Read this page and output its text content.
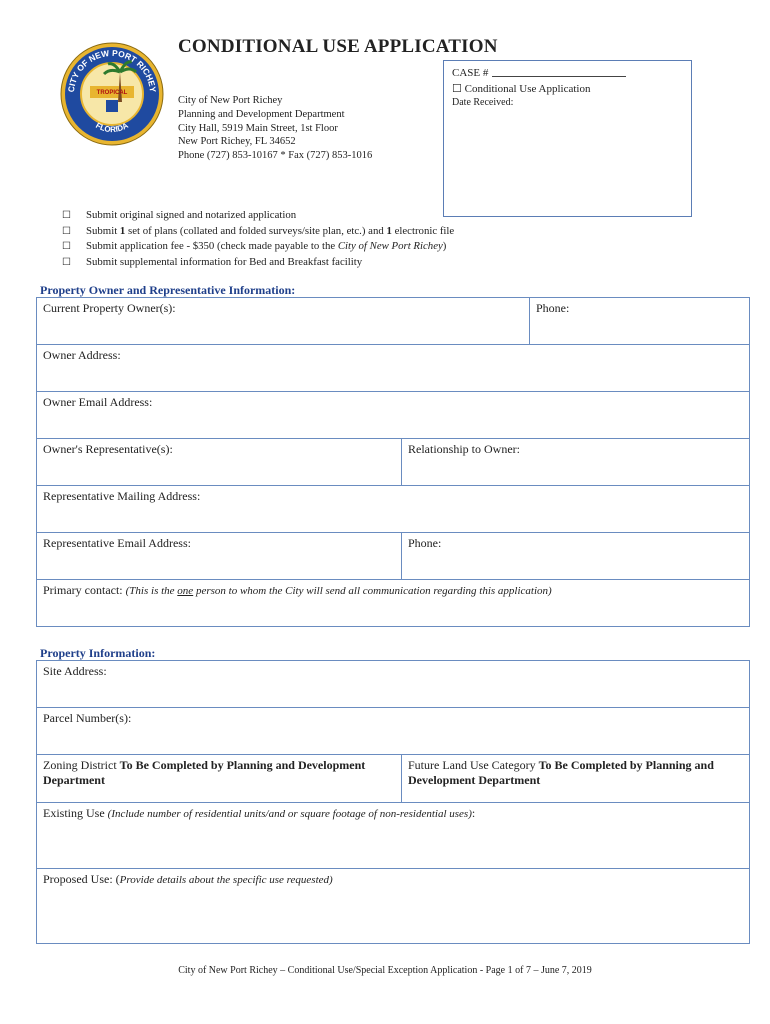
TROPICAL
CITY OF NEW PORT RICHEY
FLORIDA
CONDITIONAL USE APPLICATION
City of New Port Richey
Planning and Development Department
City Hall, 5919 Main Street, 1st Floor
New Port Richey, FL 34652
Phone (727) 853-10167 * Fax (727) 853-1016
CASE #
☐ Conditional Use Application
Date Received:
☐ Submit original signed and notarized application
☐ Submit 1 set of plans (collated and folded surveys/site plan, etc.) and 1 electronic file
☐ Submit application fee - $350 (check made payable to the City of New Port Richey)
☐ Submit supplemental information for Bed and Breakfast facility
Property Owner and Representative Information:
Current Property Owner(s):	Phone:
Owner Address:
Owner Email Address:
Owner's Representative(s):	Relationship to Owner:
Representative Mailing Address:	
Representative Email Address:	Phone:
Primary contact: (This is the one person to whom the City will send all communication regarding this application)	
Property Information:
Site Address:
Parcel Number(s):
Zoning District To Be Completed by Planning and Development Department	Future Land Use Category To Be Completed by Planning and Development Department
Existing Use (Include number of residential units/and or square footage of non-residential uses):
Proposed Use: (Provide details about the specific use requested)
City of New Port Richey – Conditional Use/Special Exception Application - Page 1 of 7 – June 7, 2019
